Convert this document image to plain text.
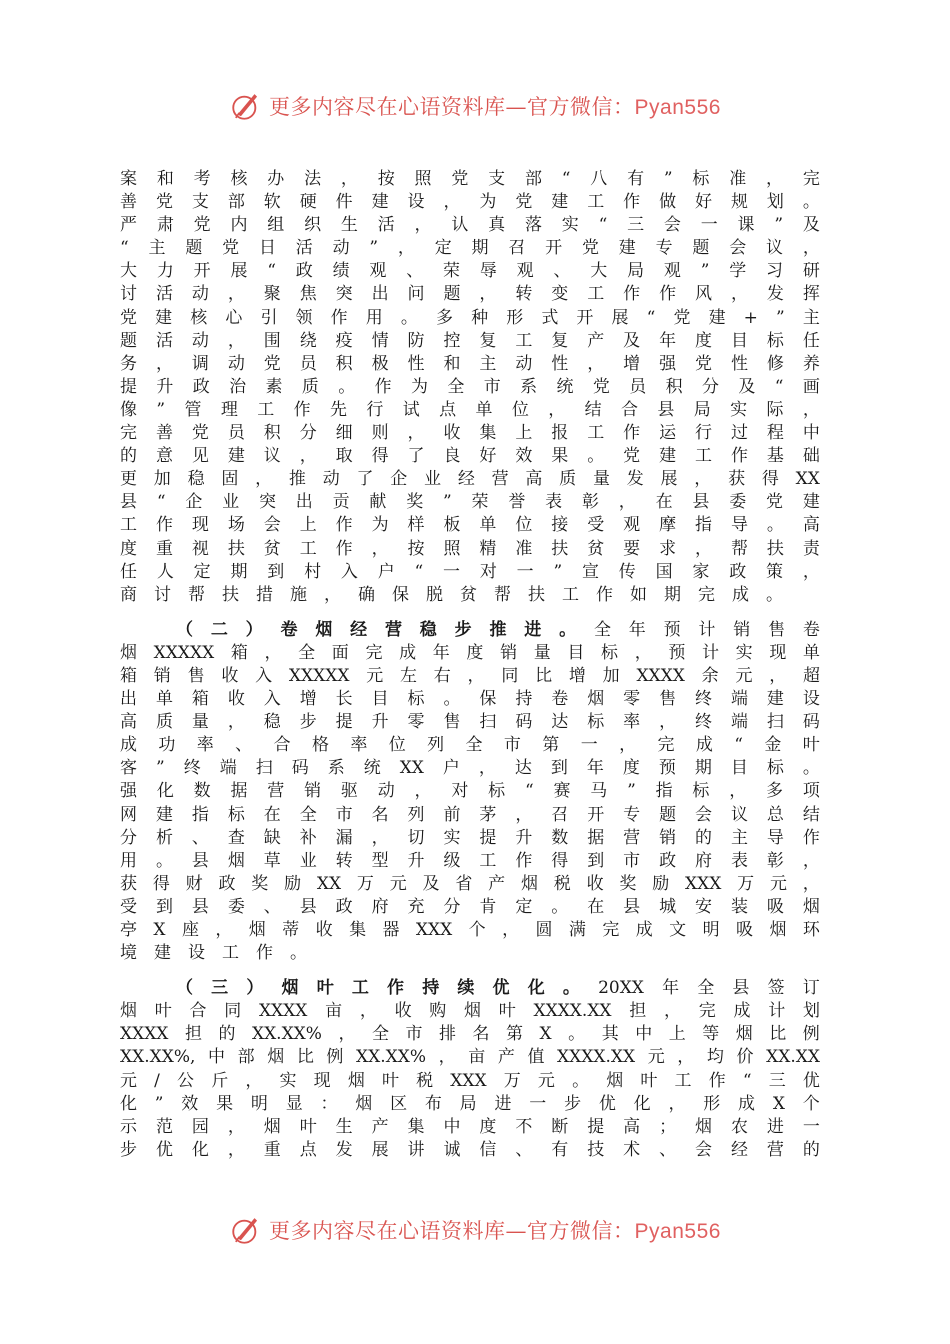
更多内容尽在心语资料库—官方微信：Pyan556
案 和 考 核 办 法 ， 按 照 党 支 部 “ 八 有 ” 标 准 ， 完
善 党 支 部 软 硬 件 建 设 ， 为 党 建 工 作 做 好 规 划 。
严 肃 党 内 组 织 生 活 ， 认 真 落 实 “ 三 会 一 课 ” 及
“ 主 题 党 日 活 动 ” ， 定 期 召 开 党 建 专 题 会 议 ，
大 力 开 展 “ 政 绩 观 、 荣 辱 观 、 大 局 观 ” 学 习 研
讨 活 动 ， 聚 焦 突 出 问 题 ， 转 变 工 作 作 风 ， 发 挥
党 建 核 心 引 领 作 用 。 多 种 形 式 开 展 “ 党 建 + ” 主
题 活 动 ， 围 绕 疫 情 防 控 复 工 复 产 及 年 度 目 标 任
务 ， 调 动 党 员 积 极 性 和 主 动 性 ， 增 强 党 性 修 养
提 升 政 治 素 质 。 作 为 全 市 系 统 党 员 积 分 及 “ 画
像 ” 管 理 工 作 先 行 试 点 单 位 ， 结 合 县 局 实 际 ，
完 善 党 员 积 分 细 则 ， 收 集 上 报 工 作 运 行 过 程 中
的 意 见 建 议 ， 取 得 了 良 好 效 果 。 党 建 工 作 基 础
更 加 稳 固 ， 推 动 了 企 业 经 营 高 质 量 发 展 ， 获 得 XX
县 “ 企 业 突 出 贡 献 奖 ” 荣 誉 表 彰 ， 在 县 委 党 建
工 作 现 场 会 上 作 为 样 板 单 位 接 受 观 摩 指 导 。 高
度 重 视 扶 贫 工 作 ， 按 照 精 准 扶 贫 要 求 ， 帮 扶 责
任 人 定 期 到 村 入 户 “ 一 对 一 ” 宣 传 国 家 政 策 ，
商 讨 帮 扶 措 施 ， 确 保 脱 贫 帮 扶 工 作 如 期 完 成 。
（ 二 ） 卷 烟 经 营 稳 步 推 进 。 全 年 预 计 销 售 卷
烟 XXXXX 箱 ， 全 面 完 成 年 度 销 量 目 标 ， 预 计 实 现 单
箱 销 售 收 入 XXXXX 元 左 右 ， 同 比 增 加 XXXX 余 元 ， 超
出 单 箱 收 入 增 长 目 标 。 保 持 卷 烟 零 售 终 端 建 设
高 质 量 ， 稳 步 提 升 零 售 扫 码 达 标 率 ， 终 端 扫 码
成 功 率 、 合 格 率 位 列 全 市 第 一 ， 完 成 “ 金 叶
客 ” 终 端 扫 码 系 统 XX 户 ， 达 到 年 度 预 期 目 标 。
强 化 数 据 营 销 驱 动 ， 对 标 “ 赛 马 ” 指 标 ， 多 项
网 建 指 标 在 全 市 名 列 前 茅 ， 召 开 专 题 会 议 总 结
分 析 、 查 缺 补 漏 ， 切 实 提 升 数 据 营 销 的 主 导 作
用 。 县 烟 草 业 转 型 升 级 工 作 得 到 市 政 府 表 彰 ，
获 得 财 政 奖 励 XX 万 元 及 省 产 烟 税 收 奖 励 XXX 万 元 ，
受 到 县 委 、 县 政 府 充 分 肯 定 。 在 县 城 安 装 吸 烟
亭 X 座 ， 烟 蒂 收 集 器 XXX 个 ， 圆 满 完 成 文 明 吸 烟 环
境 建 设 工 作 。
（ 三 ） 烟 叶 工 作 持 续 优 化 。 20XX 年 全 县 签 订
烟 叶 合 同 XXXX 亩 ， 收 购 烟 叶 XXXX.XX 担 ， 完 成 计 划
XXXX 担 的 XX.XX% ， 全 市 排 名 第 X 。 其 中 上 等 烟 比 例
XX.XX%, 中 部 烟 比 例 XX.XX% ， 亩 产 值 XXXX.XX 元 ， 均 价 XX.XX
元 / 公 斤 ， 实 现 烟 叶 税 XXX 万 元 。 烟 叶 工 作 “ 三 优
化 ” 效 果 明 显 ： 烟 区 布 局 进 一 步 优 化 ， 形 成 X 个
示 范 园 ， 烟 叶 生 产 集 中 度 不 断 提 高 ； 烟 农 进 一
步 优 化 ， 重 点 发 展 讲 诚 信 、 有 技 术 、 会 经 营 的
更多内容尽在心语资料库—官方微信：Pyan556
